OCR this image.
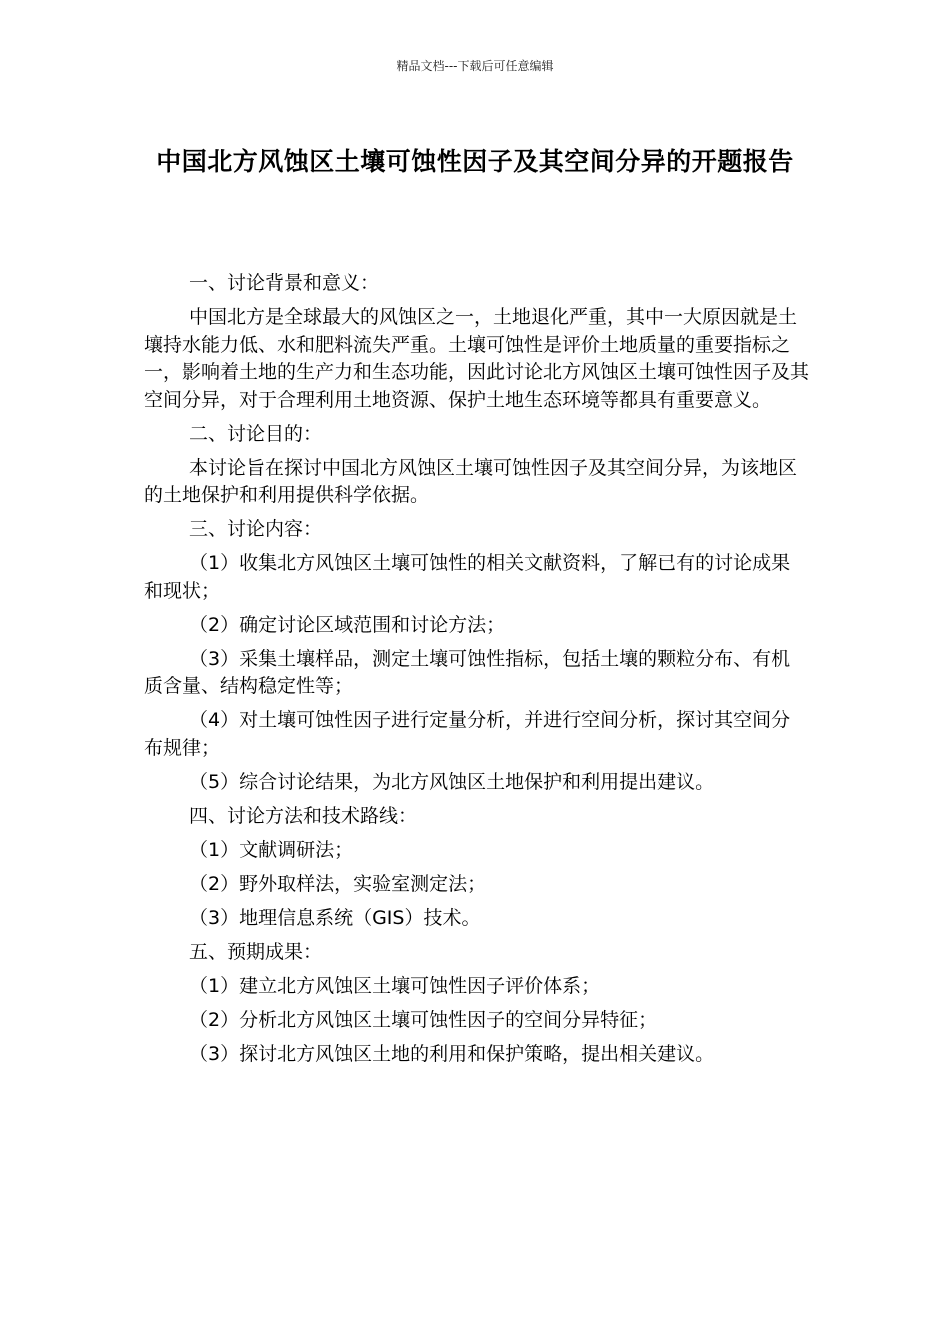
精品文档---下载后可任意编辑
中国北方风蚀区土壤可蚀性因子及其空间分异的开题报告

一、讨论背景和意义：

中国北方是全球最大的风蚀区之一，土地退化严重，其中一大原因就是土壤持水能力低、水和肥料流失严重。土壤可蚀性是评价土地质量的重要指标之一，影响着土地的生产力和生态功能，因此讨论北方风蚀区土壤可蚀性因子及其空间分异，对于合理利用土地资源、保护土地生态环境等都具有重要意义。

二、讨论目的：

本讨论旨在探讨中国北方风蚀区土壤可蚀性因子及其空间分异，为该地区的土地保护和利用提供科学依据。

三、讨论内容：

（1）收集北方风蚀区土壤可蚀性的相关文献资料，了解已有的讨论成果和现状；

（2）确定讨论区域范围和讨论方法；

（3）采集土壤样品，测定土壤可蚀性指标，包括土壤的颗粒分布、有机质含量、结构稳定性等；

（4）对土壤可蚀性因子进行定量分析，并进行空间分析，探讨其空间分布规律；

（5）综合讨论结果，为北方风蚀区土地保护和利用提出建议。

四、讨论方法和技术路线：

（1）文献调研法；

（2）野外取样法，实验室测定法；

（3）地理信息系统（GIS）技术。

五、预期成果：

（1）建立北方风蚀区土壤可蚀性因子评价体系；

（2）分析北方风蚀区土壤可蚀性因子的空间分异特征；

（3）探讨北方风蚀区土地的利用和保护策略，提出相关建议。
